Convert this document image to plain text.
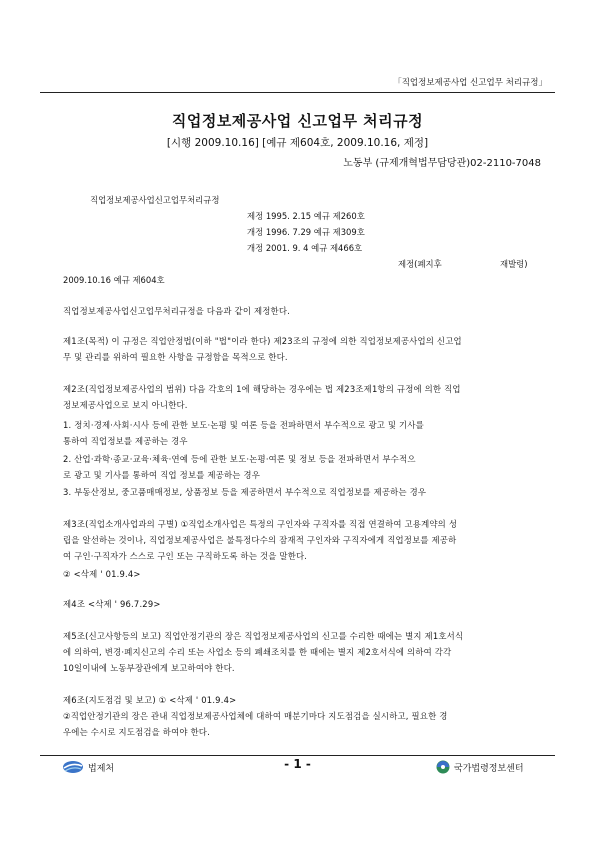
「직업정보제공사업 신고업무 처리규정」
직업정보제공사업 신고업무 처리규정
[시행 2009.10.16] [예규 제604호, 2009.10.16, 제정]
노동부 (규제개혁법무담당관)02-2110-7048
직업정보제공사업신고업무처리규정
제정 1995. 2.15 예규 제260호
개정 1996. 7.29 예규 제309호
개정 2001. 9. 4 예규 제466호
제정(폐지후	재발령)
2009.10.16 예규 제604호
직업정보제공사업신고업무처리규정을 다음과 같이 제정한다.
제1조(목적) 이 규정은 직업안정법(이하 "법"이라 한다) 제23조의 규정에 의한 직업정보제공사업의 신고업
무 및 관리를 위하여 필요한 사항을 규정함을 목적으로 한다.
제2조(직업정보제공사업의 범위) 다음 각호의 1에 해당하는 경우에는 법 제23조제1항의 규정에 의한 직업
정보제공사업으로 보지 아니한다.
1. 정치·경제·사회·시사 등에 관한 보도·논평 및 여론 등을 전파하면서 부수적으로 광고 및 기사를
통하여 직업정보를 제공하는 경우
2. 산업·과학·종교·교육·체육·연예 등에 관한 보도·논평·여론 및 정보 등을 전파하면서 부수적으
로 광고 및 기사를 통하여 직업 정보를 제공하는 경우
3. 부동산정보, 중고품매매정보, 상품정보 등을 제공하면서 부수적으로 직업정보를 제공하는 경우
제3조(직업소개사업과의 구별) ①직업소개사업은 특정의 구인자와 구직자를 직접 연결하여 고용계약의 성
립을 알선하는 것이나, 직업정보제공사업은 불특정다수의 잠재적 구인자와 구직자에게 직업정보를 제공하
여 구인·구직자가 스스로 구인 또는 구직하도록 하는 것을 말한다.
② <삭제 ' 01.9.4>
제4조 <삭제 ' 96.7.29>
제5조(신고사항등의 보고) 직업안정기관의 장은 직업정보제공사업의 신고를 수리한 때에는 별지 제1호서식
에 의하여, 변경·폐지신고의 수리 또는 사업소 등의 폐쇄조치를 한 때에는 별지 제2호서식에 의하여 각각
10일이내에 노동부장관에게 보고하여야 한다.
제6조(지도점검 및 보고) ① <삭제 ' 01.9.4>
②직업안정기관의 장은 관내 직업정보제공사업체에 대하여 매분기마다 지도점검을 실시하고, 필요한 경
우에는 수시로 지도점검을 하여야 한다.
법제처	- 1 -	국가법령정보센터
